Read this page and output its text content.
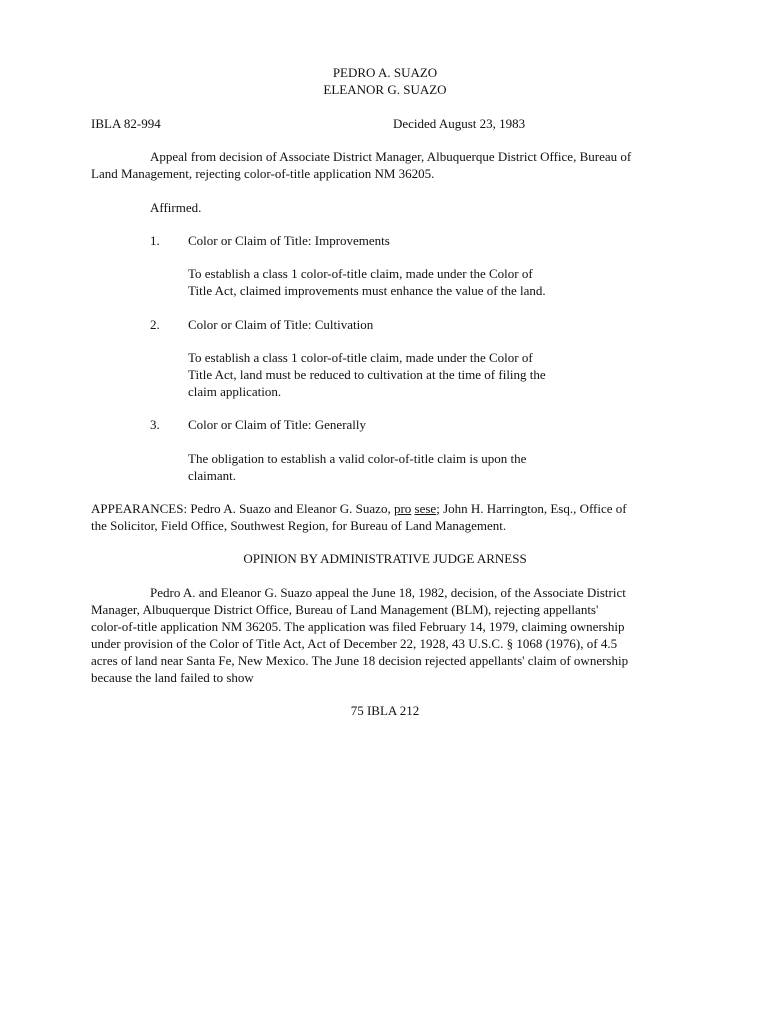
PEDRO A. SUAZO
ELEANOR G. SUAZO
IBLA 82-994	Decided August 23, 1983
Appeal from decision of Associate District Manager, Albuquerque District Office, Bureau of
Land Management, rejecting color-of-title application NM 36205.
Affirmed.
1. Color or Claim of Title: Improvements
To establish a class 1 color-of-title claim, made under the Color of
Title Act, claimed improvements must enhance the value of the land.
2. Color or Claim of Title: Cultivation
To establish a class 1 color-of-title claim, made under the Color of
Title Act, land must be reduced to cultivation at the time of filing the
claim application.
3. Color or Claim of Title: Generally
The obligation to establish a valid color-of-title claim is upon the
claimant.
APPEARANCES: Pedro A. Suazo and Eleanor G. Suazo, pro sese; John H. Harrington, Esq., Office of
the Solicitor, Field Office, Southwest Region, for Bureau of Land Management.
OPINION BY ADMINISTRATIVE JUDGE ARNESS
Pedro A. and Eleanor G. Suazo appeal the June 18, 1982, decision, of the Associate District
Manager, Albuquerque District Office, Bureau of Land Management (BLM), rejecting appellants'
color-of-title application NM 36205. The application was filed February 14, 1979, claiming ownership
under provision of the Color of Title Act, Act of December 22, 1928, 43 U.S.C. § 1068 (1976), of 4.5
acres of land near Santa Fe, New Mexico. The June 18 decision rejected appellants' claim of ownership
because the land failed to show
75 IBLA 212
